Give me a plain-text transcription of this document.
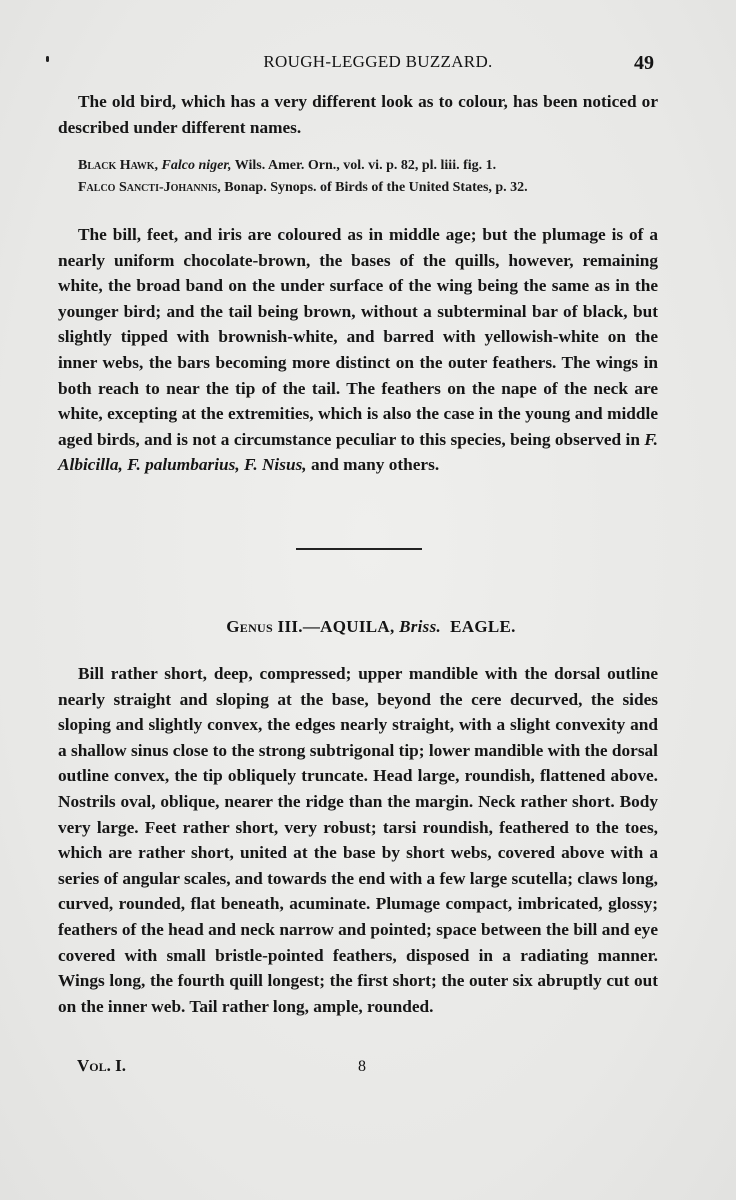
ROUGH-LEGGED BUZZARD.	49
The old bird, which has a very different look as to colour, has been noticed or described under different names.
Black Hawk, Falco niger, Wils. Amer. Orn., vol. vi. p. 82, pl. liii. fig. 1.
Falco Sancti-Johannis, Bonap. Synops. of Birds of the United States, p. 32.
The bill, feet, and iris are coloured as in middle age; but the plumage is of a nearly uniform chocolate-brown, the bases of the quills, however, remaining white, the broad band on the under surface of the wing being the same as in the younger bird; and the tail being brown, without a subterminal bar of black, but slightly tipped with brownish-white, and barred with yellowish-white on the inner webs, the bars becoming more distinct on the outer feathers. The wings in both reach to near the tip of the tail. The feathers on the nape of the neck are white, excepting at the extremities, which is also the case in the young and middle aged birds, and is not a circumstance peculiar to this species, being observed in F. Albicilla, F. palumbarius, F. Nisus, and many others.
Genus III.—AQUILA, Briss. EAGLE.
Bill rather short, deep, compressed; upper mandible with the dorsal outline nearly straight and sloping at the base, beyond the cere decurved, the sides sloping and slightly convex, the edges nearly straight, with a slight convexity and a shallow sinus close to the strong subtrigonal tip; lower mandible with the dorsal outline convex, the tip obliquely truncate. Head large, roundish, flattened above. Nostrils oval, oblique, nearer the ridge than the margin. Neck rather short. Body very large. Feet rather short, very robust; tarsi roundish, feathered to the toes, which are rather short, united at the base by short webs, covered above with a series of angular scales, and towards the end with a few large scutella; claws long, curved, rounded, flat beneath, acuminate. Plumage compact, imbricated, glossy; feathers of the head and neck narrow and pointed; space between the bill and eye covered with small bristle-pointed feathers, disposed in a radiating manner. Wings long, the fourth quill longest; the first short; the outer six abruptly cut out on the inner web. Tail rather long, ample, rounded.
Vol. I.	8
